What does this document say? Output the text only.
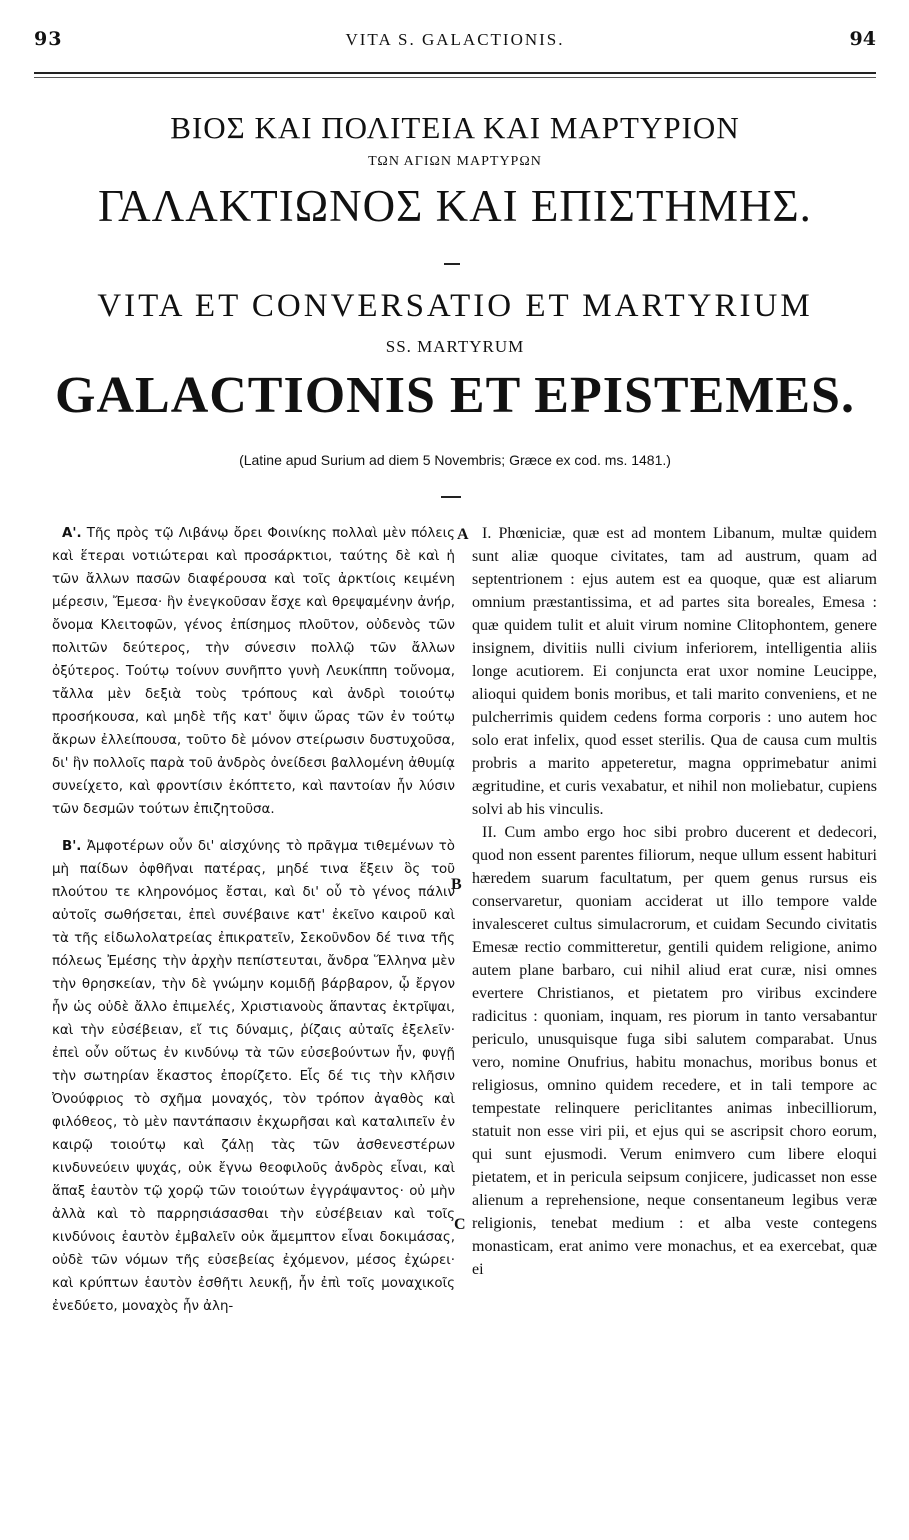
93	VITA S. GALACTIONIS.	94
ΒΙΟΣ ΚΑΙ ΠΟΛΙΤΕΙΑ ΚΑΙ ΜΑΡΤΥΡΙΟΝ
ΤΩΝ ΑΓΙΩΝ ΜΑΡΤΥΡΩΝ
ΓΑΛΑΚΤΙΩΝΟΣ ΚΑΙ ΕΠΙΣΤΗΜΗΣ.
VITA ET CONVERSATIO ET MARTYRIUM
SS. MARTYRUM
GALACTIONIS ET EPISTEMES.
(Latine apud Surium ad diem 5 Novembris; Græce ex cod. ms. 1481.)

Α'. Τῆς πρὸς τῷ Λιβάνῳ ὄρει Φοινίκης πολλαὶ μὲν πόλεις καὶ ἕτεραι νοτιώτεραι καὶ προσάρκτιοι, ταύτης δὲ καὶ ἡ τῶν ἄλλων πασῶν διαφέρουσα καὶ τοῖς ἀρκτίοις κειμένη μέρεσιν, Ἔμεσα· ἣν ἐνεγκοῦσαν ἔσχε καὶ θρεψαμένην ἀνήρ, ὄνομα Κλειτοφῶν, γένος ἐπίσημος πλοῦτον, οὐδενὸς τῶν πολιτῶν δεύτερος, τὴν σύνεσιν πολλῷ τῶν ἄλλων ὀξύτερος. Τούτῳ τοίνυν συνῆπτο γυνὴ Λευκίππη τοὔνομα, τἄλλα μὲν δεξιὰ τοὺς τρόπους καὶ ἀνδρὶ τοιούτῳ προσήκουσα, καὶ μηδὲ τῆς κατ' ὄψιν ὥρας τῶν ἐν τούτῳ ἄκρων ἐλλείπουσα, τοῦτο δὲ μόνον στείρωσιν δυστυχοῦσα, δι' ἣν πολλοῖς παρὰ τοῦ ἀνδρὸς ὀνείδεσι βαλλομένη ἀθυμίᾳ συνείχετο, καὶ φροντίσιν ἐκόπτετο, καὶ παντοίαν ἦν λύσιν τῶν δεσμῶν τούτων ἐπιζητοῦσα.

Β'. Ἀμφοτέρων οὖν δι' αἰσχύνης τὸ πρᾶγμα τιθεμένων τὸ μὴ παίδων ὀφθῆναι πατέρας, μηδέ τινα ἕξειν ὃς τοῦ πλούτου τε κληρονόμος ἔσται, καὶ δι' οὗ τὸ γένος πάλιν αὐτοῖς σωθήσεται, ἐπεὶ συνέβαινε κατ' ἐκεῖνο καιροῦ καὶ τὰ τῆς εἰδωλολατρείας ἐπικρατεῖν, Σεκοῦνδον δέ τινα τῆς πόλεως Ἐμέσης τὴν ἀρχὴν πεπίστευται, ἄνδρα Ἕλληνα μὲν τὴν θρησκείαν, τὴν δὲ γνώμην κομιδῇ βάρβαρον, ᾧ ἔργον ἦν ὡς οὐδὲ ἄλλο ἐπιμελές, Χριστιανοὺς ἅπαντας ἐκτρῖψαι, καὶ τὴν εὐσέβειαν, εἴ τις δύναμις, ῥίζαις αὐταῖς ἐξελεῖν· ἐπεὶ οὖν οὕτως ἐν κινδύνῳ τὰ τῶν εὐσεβούντων ἦν, φυγῇ τὴν σωτηρίαν ἕκαστος ἐπορίζετο. Εἷς δέ τις τὴν κλῆσιν Ὀνούφριος τὸ σχῆμα μοναχός, τὸν τρόπον ἀγαθὸς καὶ φιλόθεος, τὸ μὲν παντάπασιν ἐκχωρῆσαι καὶ καταλιπεῖν ἐν καιρῷ τοιούτῳ καὶ ζάλῃ τὰς τῶν ἀσθενεστέρων κινδυνεύειν ψυχάς, οὐκ ἔγνω θεοφιλοῦς ἀνδρὸς εἶναι, καὶ ἅπαξ ἑαυτὸν τῷ χορῷ τῶν τοιούτων ἐγγράψαντος· οὐ μὴν ἀλλὰ καὶ τὸ παρρησιάσασθαι τὴν εὐσέβειαν καὶ τοῖς κινδύνοις ἑαυτὸν ἐμβαλεῖν οὐκ ἄμεμπτον εἶναι δοκιμάσας, οὐδὲ τῶν νόμων τῆς εὐσεβείας ἐχόμενον, μέσος ἐχώρει· καὶ κρύπτων ἑαυτὸν ἐσθῆτι λευκῇ, ἦν ἐπὶ τοῖς μοναχικοῖς ἐνεδύετο, μοναχὸς ἦν ἀλη-

A
B
C

I. Phœniciæ, quæ est ad montem Libanum, multæ quidem sunt aliæ quoque civitates, tam ad austrum, quam ad septentrionem : ejus autem est ea quoque, quæ est aliarum omnium præstantissima, et ad partes sita boreales, Emesa : quæ quidem tulit et aluit virum nomine Clitophontem, genere insignem, divitiis nulli civium inferiorem, intelligentia aliis longe acutiorem. Ei conjuncta erat uxor nomine Leucippe, alioqui quidem bonis moribus, et tali marito conveniens, et ne pulcherrimis quidem cedens forma corporis : uno autem hoc solo erat infelix, quod esset sterilis. Qua de causa cum multis probris a marito appeteretur, magna opprimebatur animi ægritudine, et curis vexabatur, et nihil non moliebatur, cupiens solvi ab his vinculis.

II. Cum ambo ergo hoc sibi probro ducerent et dedecori, quod non essent parentes filiorum, neque ullum essent habituri hæredem suarum facultatum, per quem genus rursus eis conservaretur, quoniam acciderat ut illo tempore valde invalesceret cultus simulacrorum, et cuidam Secundo civitatis Emesæ rectio committeretur, gentili quidem religione, animo autem plane barbaro, cui nihil aliud erat curæ, nisi omnes evertere Christianos, et pietatem pro viribus excindere radicitus : quoniam, inquam, res piorum in tanto versabantur periculo, unusquisque fuga sibi salutem comparabat. Unus vero, nomine Onufrius, habitu monachus, moribus bonus et religiosus, omnino quidem recedere, et in tali tempore ac tempestate relinquere periclitantes animas inbecilliorum, statuit non esse viri pii, et ejus qui se ascripsit choro eorum, qui sunt ejusmodi. Verum enimvero cum libere eloqui pietatem, et in pericula seipsum conjicere, judicasset non esse alienum a reprehensione, neque consentaneum legibus veræ religionis, tenebat medium : et alba veste contegens monasticam, erat animo vere monachus, et ea exercebat, quæ ei
